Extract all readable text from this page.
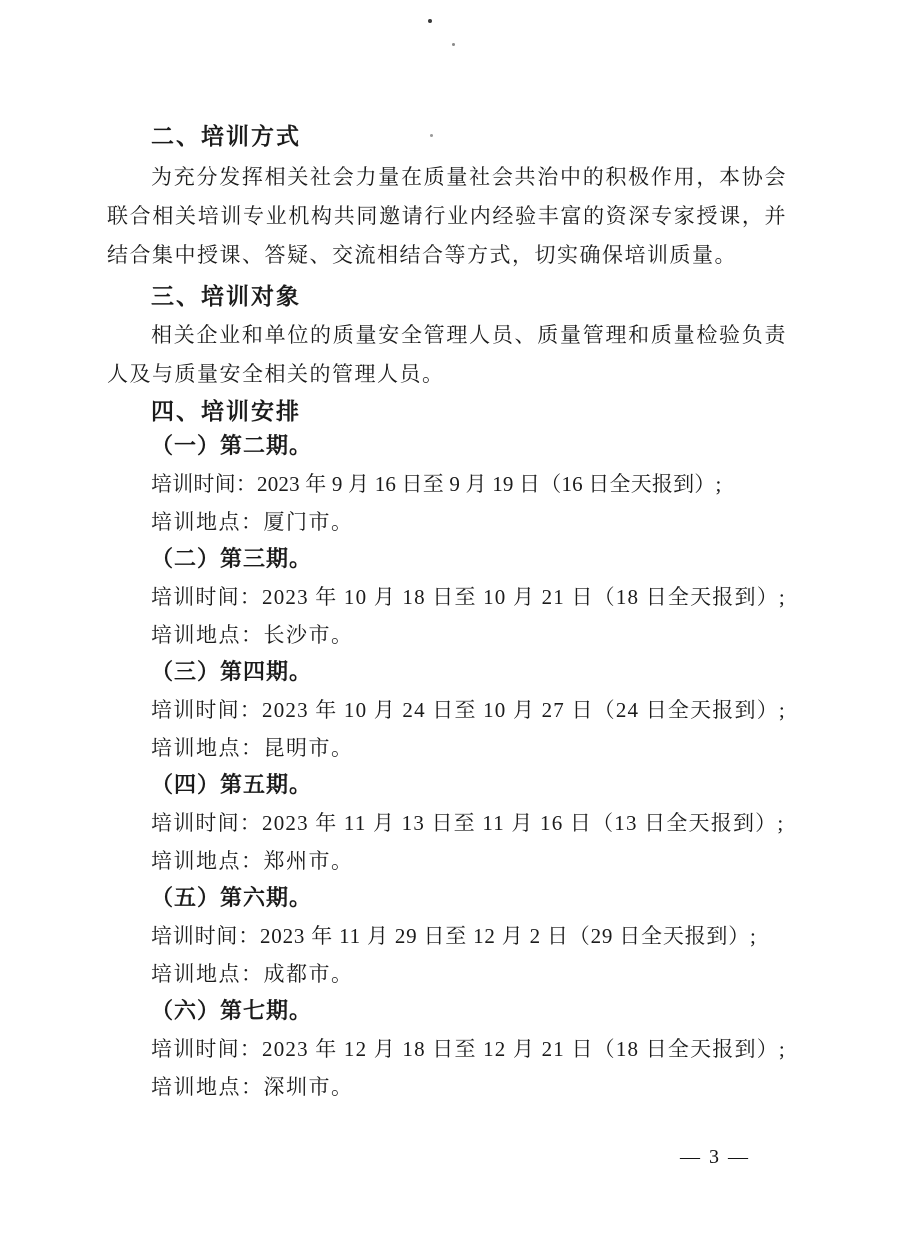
二、培训方式
为充分发挥相关社会力量在质量社会共治中的积极作用，本协会
联合相关培训专业机构共同邀请行业内经验丰富的资深专家授课，并
结合集中授课、答疑、交流相结合等方式，切实确保培训质量。
三、培训对象
相关企业和单位的质量安全管理人员、质量管理和质量检验负责
人及与质量安全相关的管理人员。
四、培训安排
（一）第二期。
培训时间：2023 年 9 月 16 日至 9 月 19 日（16 日全天报到）;
培训地点：厦门市。
（二）第三期。
培训时间：2023 年 10 月 18 日至 10 月 21 日（18 日全天报到）;
培训地点：长沙市。
（三）第四期。
培训时间：2023 年 10 月 24 日至 10 月 27 日（24 日全天报到）;
培训地点：昆明市。
（四）第五期。
培训时间：2023 年 11 月 13 日至 11 月 16 日（13 日全天报到）;
培训地点：郑州市。
（五）第六期。
培训时间：2023 年 11 月 29 日至 12 月 2 日（29 日全天报到）;
培训地点：成都市。
（六）第七期。
培训时间：2023 年 12 月 18 日至 12 月 21 日（18 日全天报到）;
培训地点：深圳市。
— 3 —
